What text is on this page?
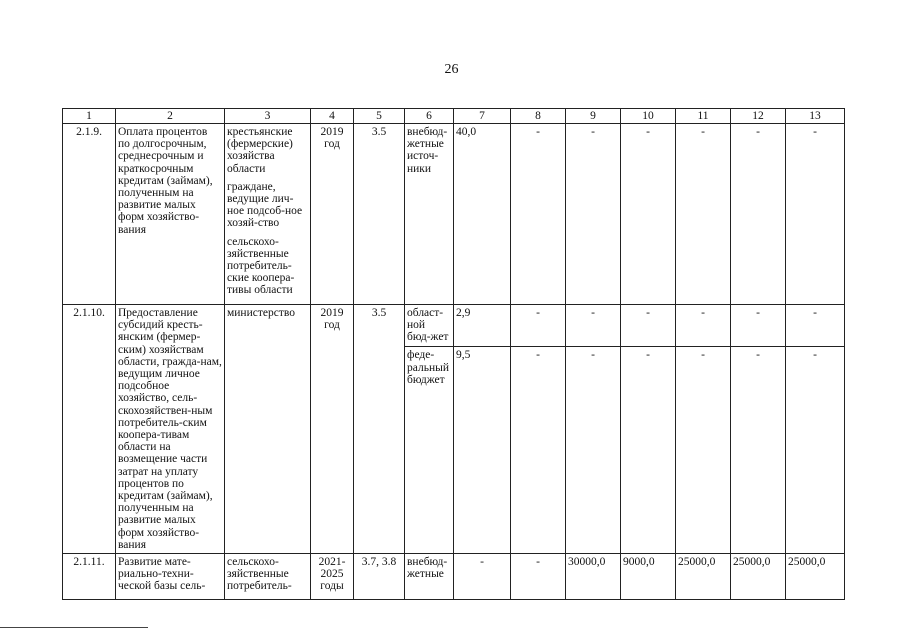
26
1	2	3	4	5	6	7	8	9	10	11	12	13
2.1.9.	Оплата процентов по долгосрочным, среднесрочным и краткосрочным кредитам (займам), полученным на развитие малых форм хозяйство-вания	крестьянские (фермерские) хозяйства области
граждане, ведущие лич-ное подсоб-ное хозяй-ство
сельскохо-зяйственные потребитель-ские коопера-тивы области	2019 год	3.5	внебюд-жетные источ-ники	40,0	-	-	-	-	-	-
2.1.10.	Предоставление субсидий кресть-янским (фермер-ским) хозяйствам области, гражда-нам, ведущим личное подсобное хозяйство, сель-скохозяйствен-ным потребитель-ским коопера-тивам области на возмещение части затрат на уплату процентов по кредитам (займам), полученным на развитие малых форм хозяйство-вания	министерство	2019 год	3.5	област-ной бюд-жет	2,9	-	-	-	-	-	-
					феде-ральный бюджет	9,5	-	-	-	-	-	-
2.1.11.	Развитие мате-риально-техни-ческой базы сель-	сельскохо-зяйственные потребитель-	2021-2025 годы	3.7, 3.8	внебюд-жетные	-	-	30000,0	9000,0	25000,0	25000,0	25000,0
